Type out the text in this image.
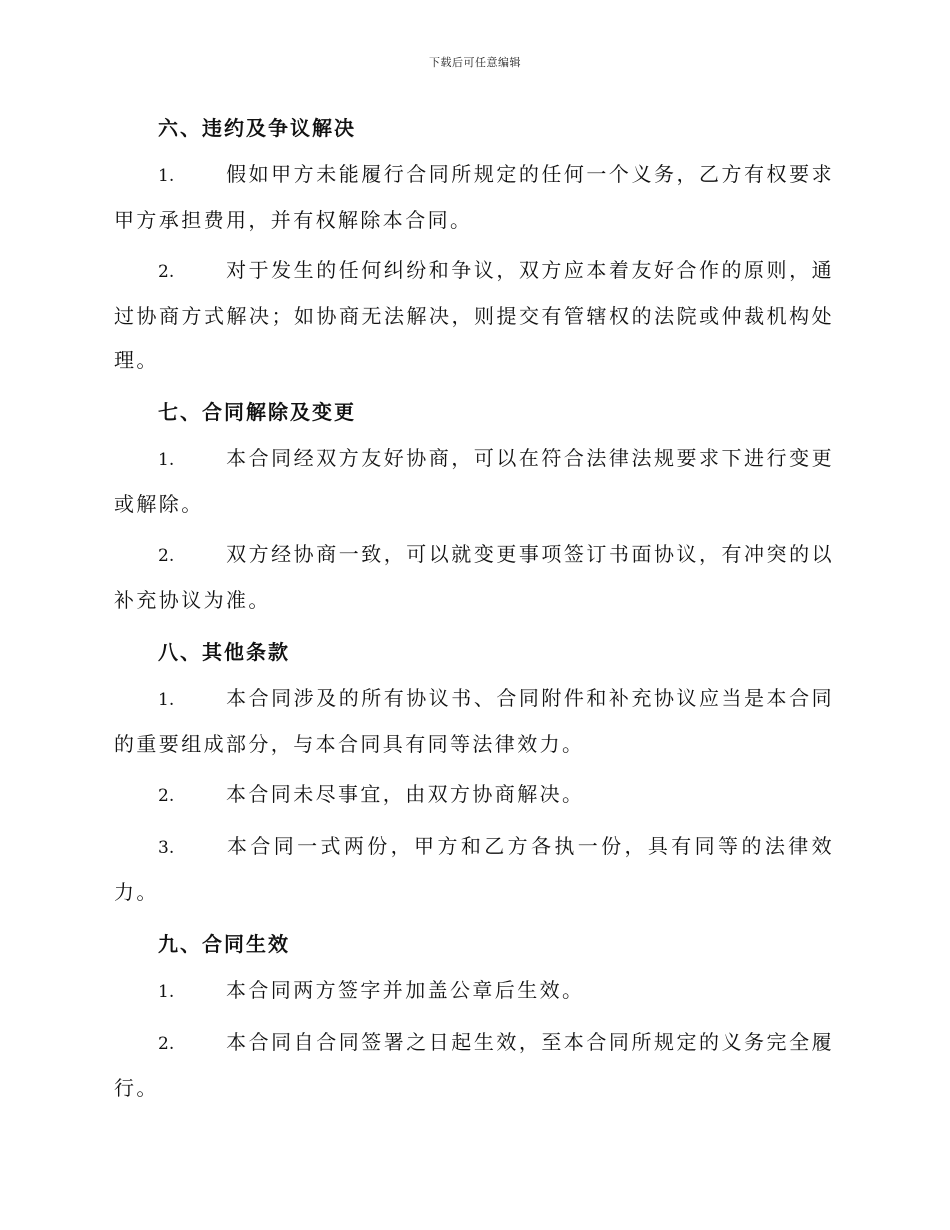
下载后可任意编辑
六、违约及争议解决
1.	假如甲方未能履行合同所规定的任何一个义务，乙方有权要求甲方承担费用，并有权解除本合同。
2.	对于发生的任何纠纷和争议，双方应本着友好合作的原则，通过协商方式解决；如协商无法解决，则提交有管辖权的法院或仲裁机构处理。
七、合同解除及变更
1.	本合同经双方友好协商，可以在符合法律法规要求下进行变更或解除。
2.	双方经协商一致，可以就变更事项签订书面协议，有冲突的以补充协议为准。
八、其他条款
1.	本合同涉及的所有协议书、合同附件和补充协议应当是本合同的重要组成部分，与本合同具有同等法律效力。
2.	本合同未尽事宜，由双方协商解决。
3.	本合同一式两份，甲方和乙方各执一份，具有同等的法律效力。
九、合同生效
1.	本合同两方签字并加盖公章后生效。
2.	本合同自合同签署之日起生效，至本合同所规定的义务完全履行。
